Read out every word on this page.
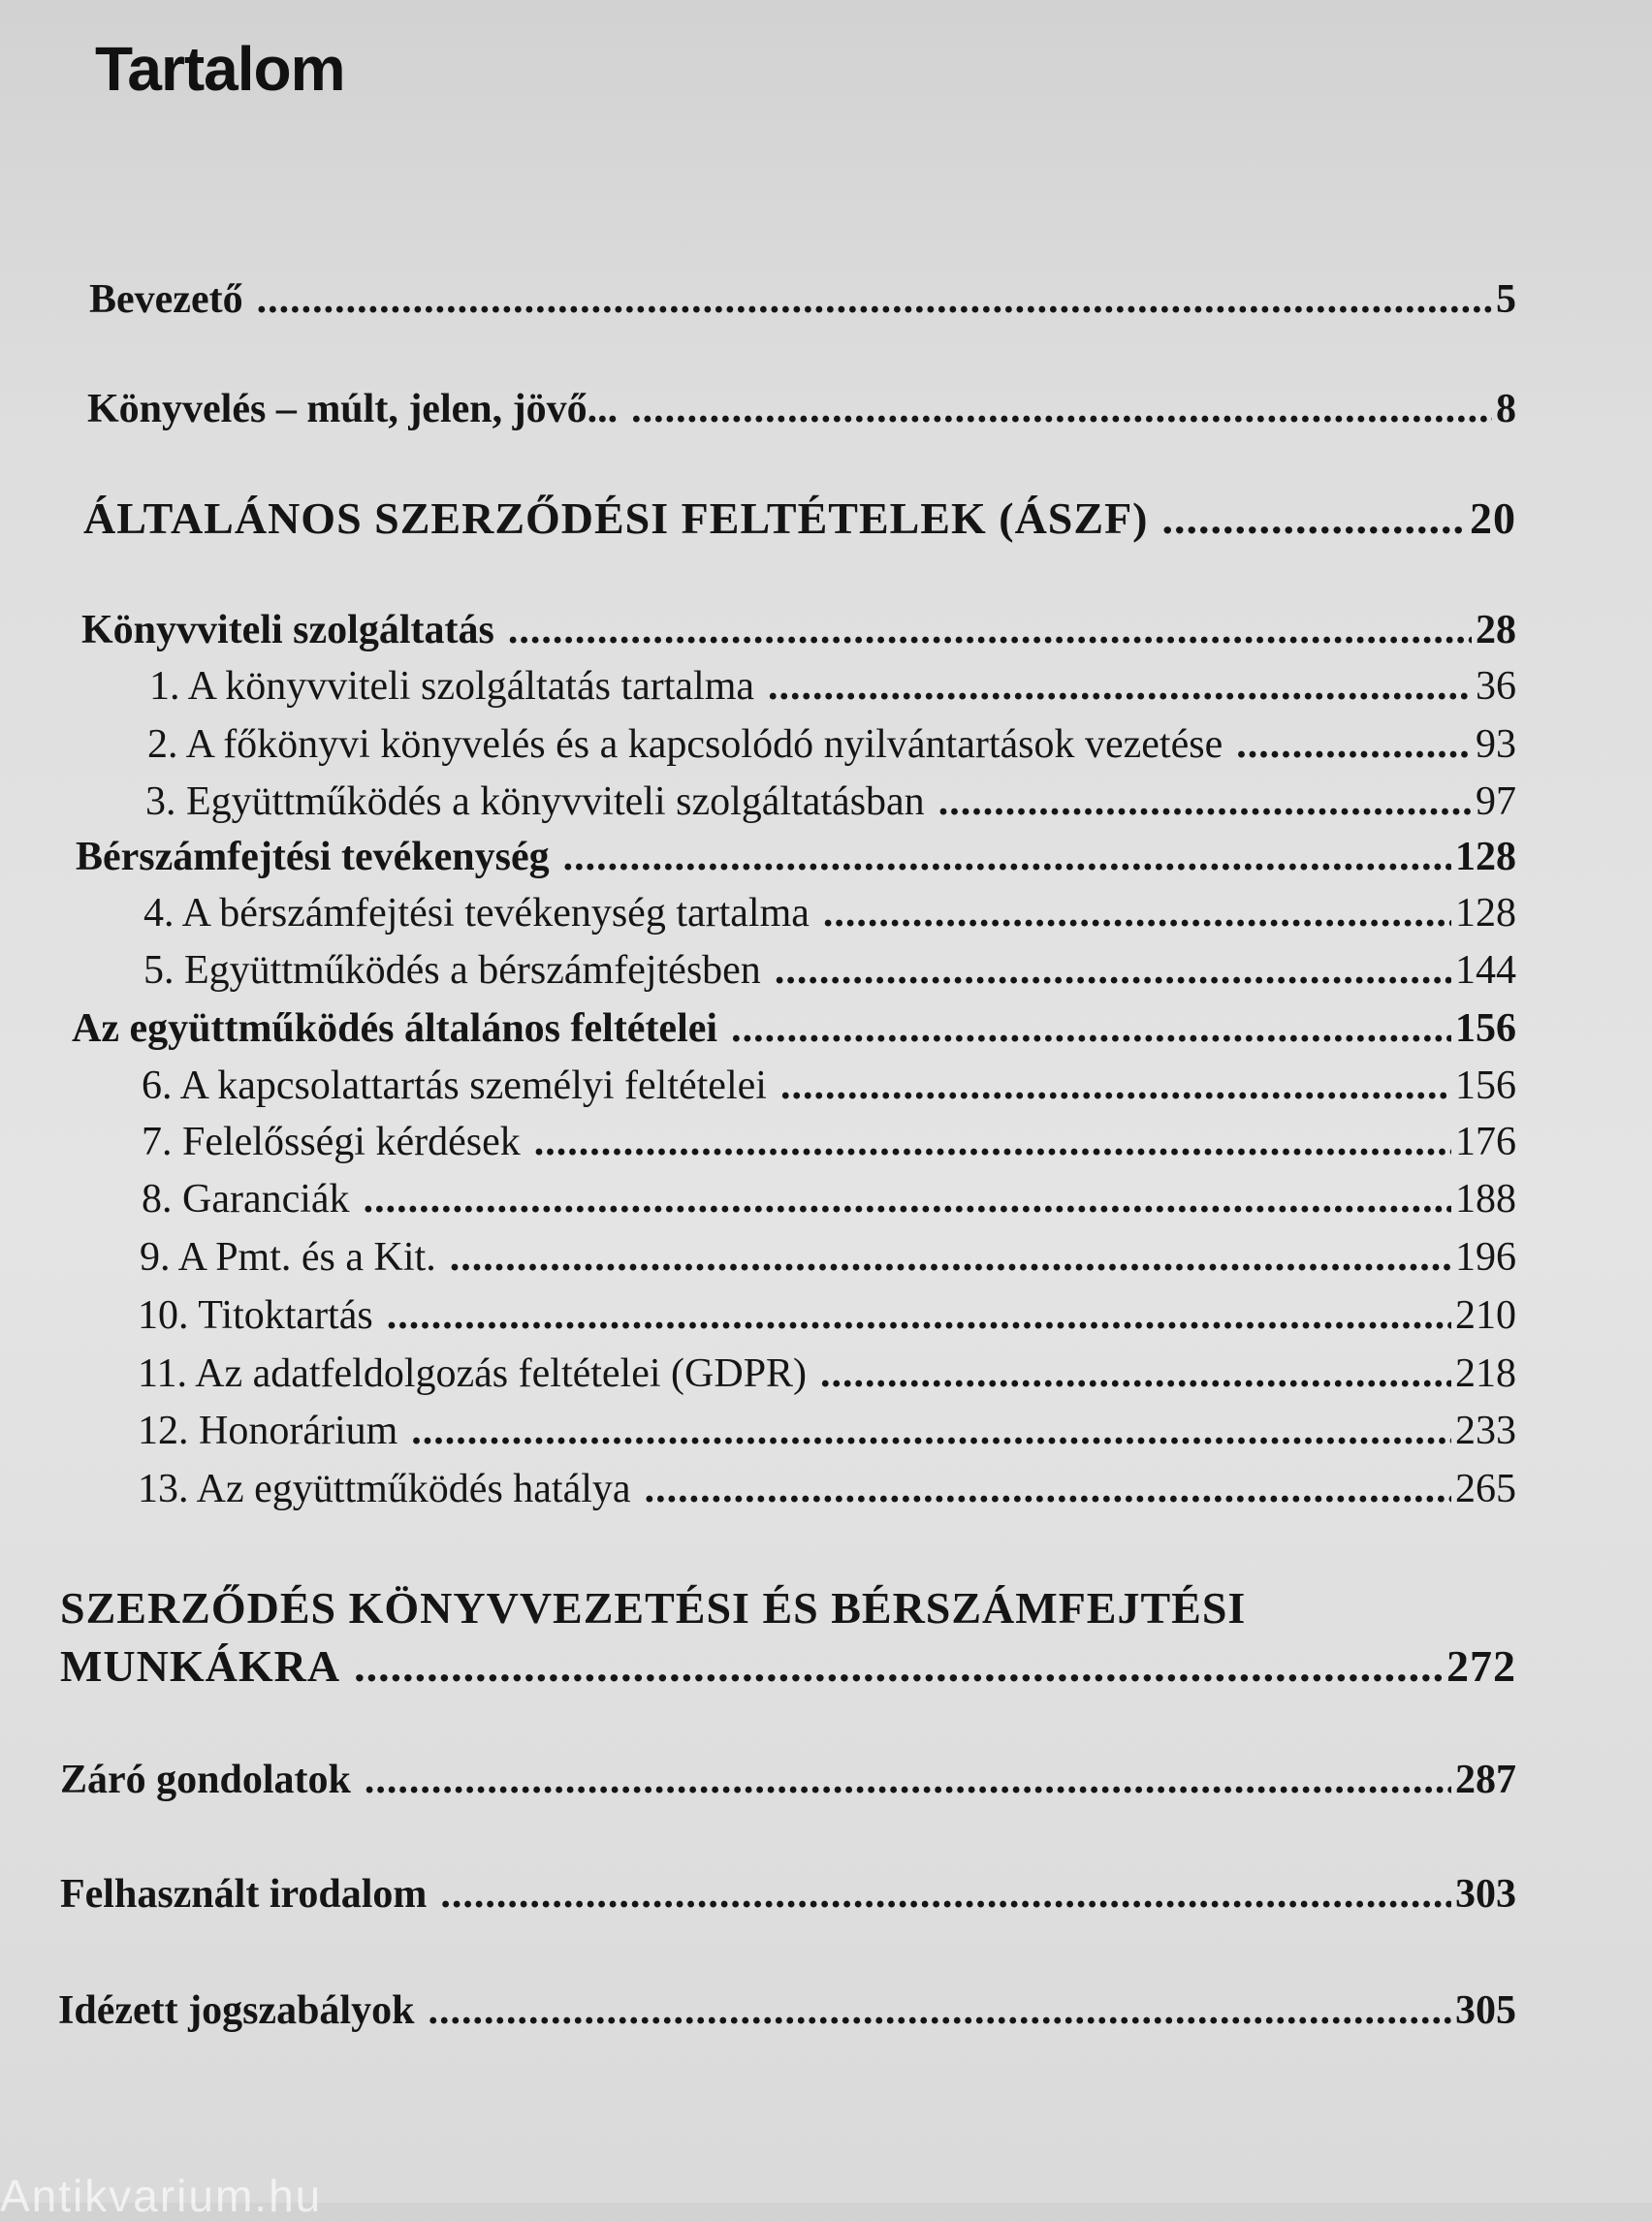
Tartalom
Bevezető .....	5
Könyvelés – múlt, jelen, jövő... .....	8
ÁLTALÁNOS SZERZŐDÉSI FELTÉTELEK (ÁSZF) .....	20
Könyvviteli szolgáltatás .....	28
1. A könyvviteli szolgáltatás tartalma .....	36
2. A főkönyvi könyvelés és a kapcsolódó nyilvántartások vezetése .....	93
3. Együttműködés a könyvviteli szolgáltatásban .....	97
Bérszámfejtési tevékenység .....	128
4. A bérszámfejtési tevékenység tartalma .....	128
5. Együttműködés a bérszámfejtésben .....	144
Az együttműködés általános feltételei .....	156
6. A kapcsolattartás személyi feltételei .....	156
7. Felelősségi kérdések .....	176
8. Garanciák .....	188
9. A Pmt. és a Kit. .....	196
10. Titoktartás .....	210
11. Az adatfeldolgozás feltételei (GDPR) .....	218
12. Honorárium .....	233
13. Az együttműködés hatálya .....	265
SZERZŐDÉS KÖNYVVEZETÉSI ÉS BÉRSZÁMFEJTÉSI
MUNKÁKRA .....	272
Záró gondolatok .....	287
Felhasznált irodalom .....	303
Idézett jogszabályok .....	305
Antikvarium.hu
